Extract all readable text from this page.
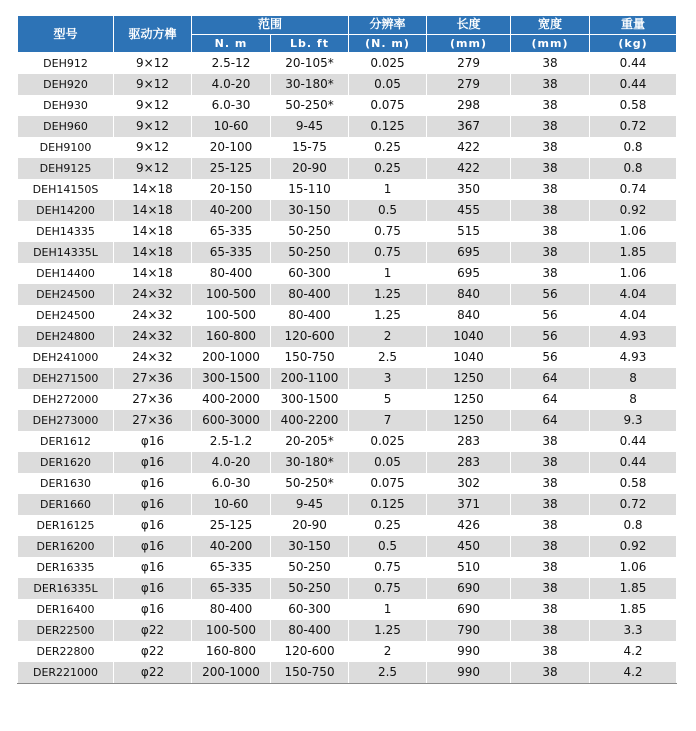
型号	驱动方榫	范围		分辨率	长度	宽度	重量
		N. m	Lb. ft	(N. m)	(mm)	(mm)	(kg)
DEH912	9×12	2.5-12	20-105*	0.025	279	38	0.44
DEH920	9×12	4.0-20	30-180*	0.05	279	38	0.44
DEH930	9×12	6.0-30	50-250*	0.075	298	38	0.58
DEH960	9×12	10-60	9-45	0.125	367	38	0.72
DEH9100	9×12	20-100	15-75	0.25	422	38	0.8
DEH9125	9×12	25-125	20-90	0.25	422	38	0.8
DEH14150S	14×18	20-150	15-110	1	350	38	0.74
DEH14200	14×18	40-200	30-150	0.5	455	38	0.92
DEH14335	14×18	65-335	50-250	0.75	515	38	1.06
DEH14335L	14×18	65-335	50-250	0.75	695	38	1.85
DEH14400	14×18	80-400	60-300	1	695	38	1.06
DEH24500	24×32	100-500	80-400	1.25	840	56	4.04
DEH24500	24×32	100-500	80-400	1.25	840	56	4.04
DEH24800	24×32	160-800	120-600	2	1040	56	4.93
DEH241000	24×32	200-1000	150-750	2.5	1040	56	4.93
DEH271500	27×36	300-1500	200-1100	3	1250	64	8
DEH272000	27×36	400-2000	300-1500	5	1250	64	8
DEH273000	27×36	600-3000	400-2200	7	1250	64	9.3
DER1612	φ16	2.5-1.2	20-205*	0.025	283	38	0.44
DER1620	φ16	4.0-20	30-180*	0.05	283	38	0.44
DER1630	φ16	6.0-30	50-250*	0.075	302	38	0.58
DER1660	φ16	10-60	9-45	0.125	371	38	0.72
DER16125	φ16	25-125	20-90	0.25	426	38	0.8
DER16200	φ16	40-200	30-150	0.5	450	38	0.92
DER16335	φ16	65-335	50-250	0.75	510	38	1.06
DER16335L	φ16	65-335	50-250	0.75	690	38	1.85
DER16400	φ16	80-400	60-300	1	690	38	1.85
DER22500	φ22	100-500	80-400	1.25	790	38	3.3
DER22800	φ22	160-800	120-600	2	990	38	4.2
DER221000	φ22	200-1000	150-750	2.5	990	38	4.2
